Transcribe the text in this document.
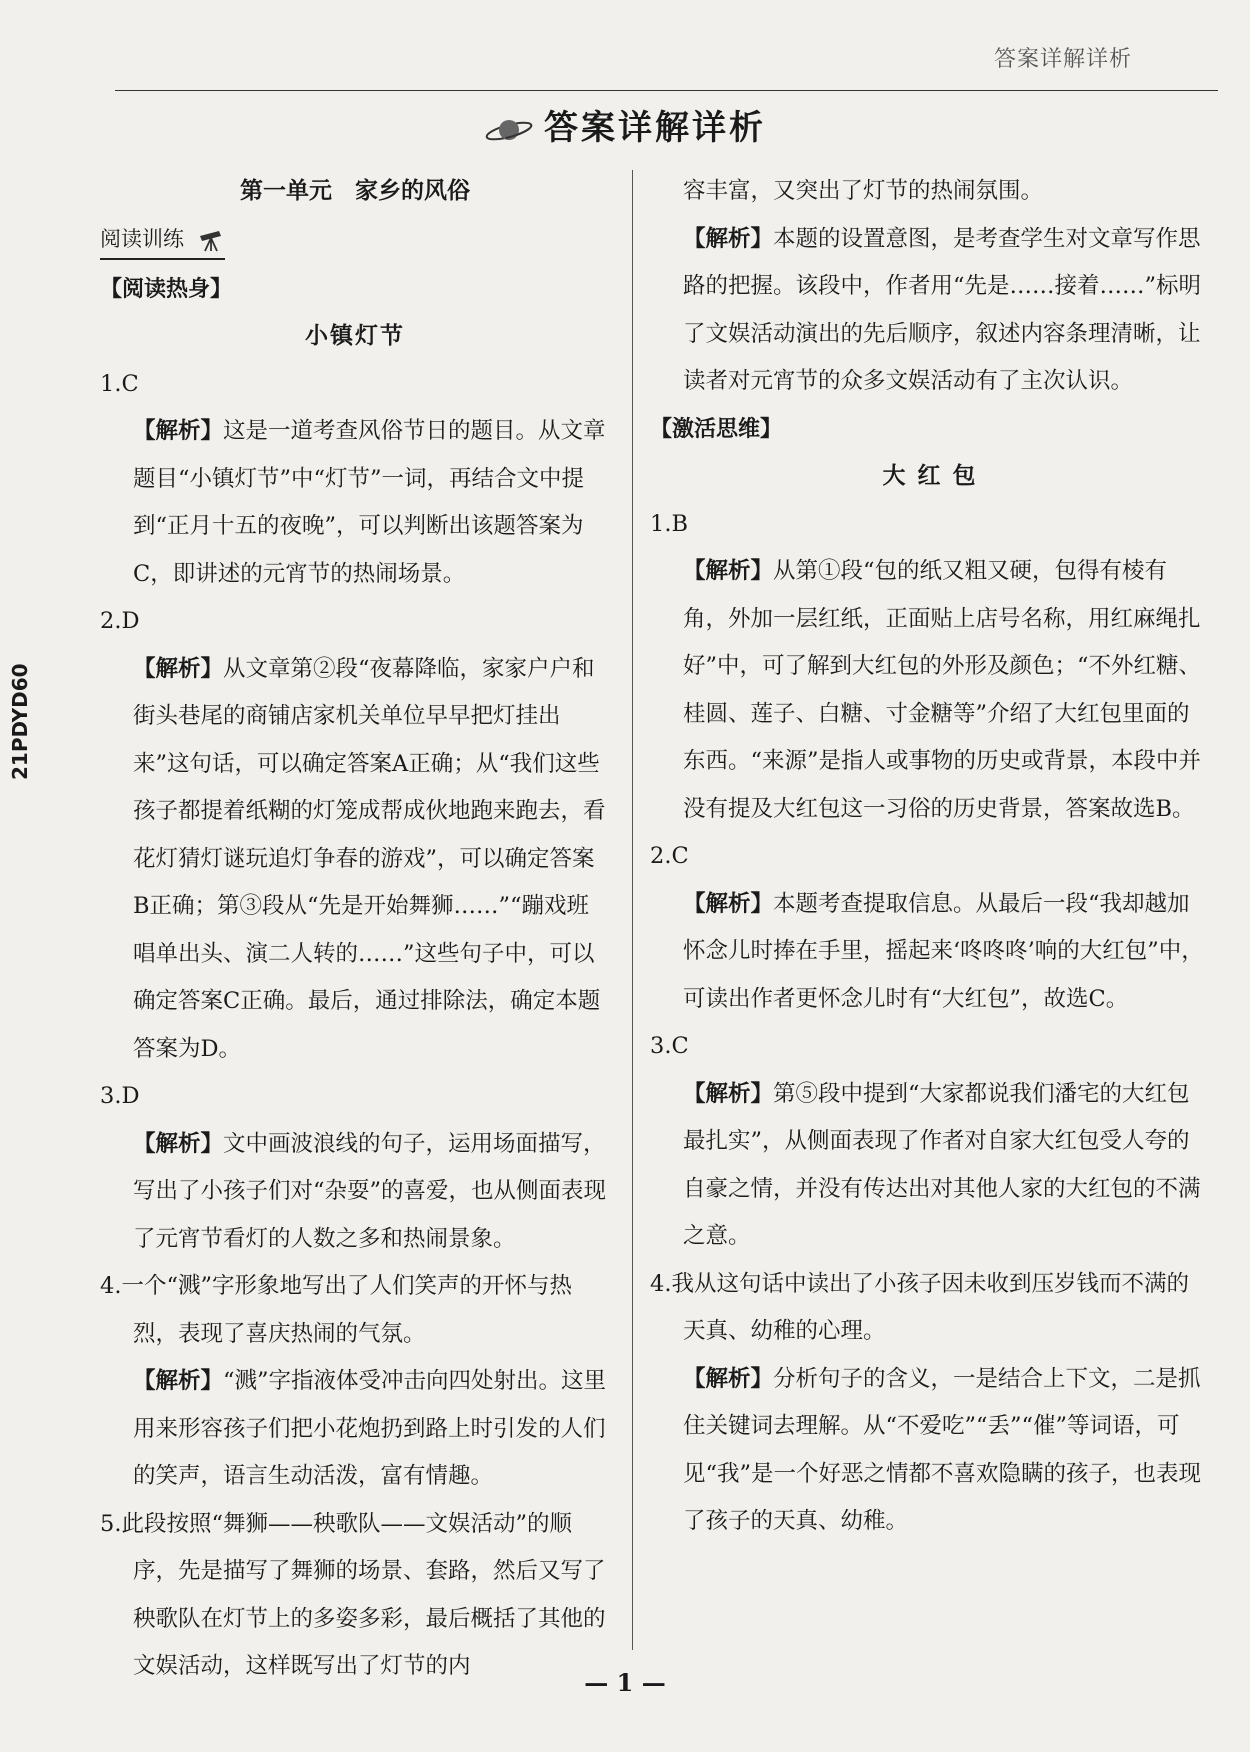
答案详解详析
答案详解详析
21PDYD60
第一单元　家乡的风俗
阅读训练
【阅读热身】
小镇灯节
1.C
【解析】这是一道考查风俗节日的题目。从文章题目“小镇灯节”中“灯节”一词，再结合文中提到“正月十五的夜晚”，可以判断出该题答案为C，即讲述的元宵节的热闹场景。
2.D
【解析】从文章第②段“夜幕降临，家家户户和街头巷尾的商铺店家机关单位早早把灯挂出来”这句话，可以确定答案A正确；从“我们这些孩子都提着纸糊的灯笼成帮成伙地跑来跑去，看花灯猜灯谜玩追灯争春的游戏”，可以确定答案B正确；第③段从“先是开始舞狮……”“蹦戏班唱单出头、演二人转的……”这些句子中，可以确定答案C正确。最后，通过排除法，确定本题答案为D。
3.D
【解析】文中画波浪线的句子，运用场面描写，写出了小孩子们对“杂耍”的喜爱，也从侧面表现了元宵节看灯的人数之多和热闹景象。
4.一个“溅”字形象地写出了人们笑声的开怀与热烈，表现了喜庆热闹的气氛。
【解析】“溅”字指液体受冲击向四处射出。这里用来形容孩子们把小花炮扔到路上时引发的人们的笑声，语言生动活泼，富有情趣。
5.此段按照“舞狮——秧歌队——文娱活动”的顺序，先是描写了舞狮的场景、套路，然后又写了秧歌队在灯节上的多姿多彩，最后概括了其他的文娱活动，这样既写出了灯节的内
容丰富，又突出了灯节的热闹氛围。
【解析】本题的设置意图，是考查学生对文章写作思路的把握。该段中，作者用“先是……接着……”标明了文娱活动演出的先后顺序，叙述内容条理清晰，让读者对元宵节的众多文娱活动有了主次认识。
【激活思维】
大 红 包
1.B
【解析】从第①段“包的纸又粗又硬，包得有棱有角，外加一层红纸，正面贴上店号名称，用红麻绳扎好”中，可了解到大红包的外形及颜色；“不外红糖、桂圆、莲子、白糖、寸金糖等”介绍了大红包里面的东西。“来源”是指人或事物的历史或背景，本段中并没有提及大红包这一习俗的历史背景，答案故选B。
2.C
【解析】本题考查提取信息。从最后一段“我却越加怀念儿时捧在手里，摇起来‘咚咚咚’响的大红包”中，可读出作者更怀念儿时有“大红包”，故选C。
3.C
【解析】第⑤段中提到“大家都说我们潘宅的大红包最扎实”，从侧面表现了作者对自家大红包受人夸的自豪之情，并没有传达出对其他人家的大红包的不满之意。
4.我从这句话中读出了小孩子因未收到压岁钱而不满的天真、幼稚的心理。
【解析】分析句子的含义，一是结合上下文，二是抓住关键词去理解。从“不爱吃”“丢”“催”等词语，可见“我”是一个好恶之情都不喜欢隐瞒的孩子，也表现了孩子的天真、幼稚。
— 1 —
